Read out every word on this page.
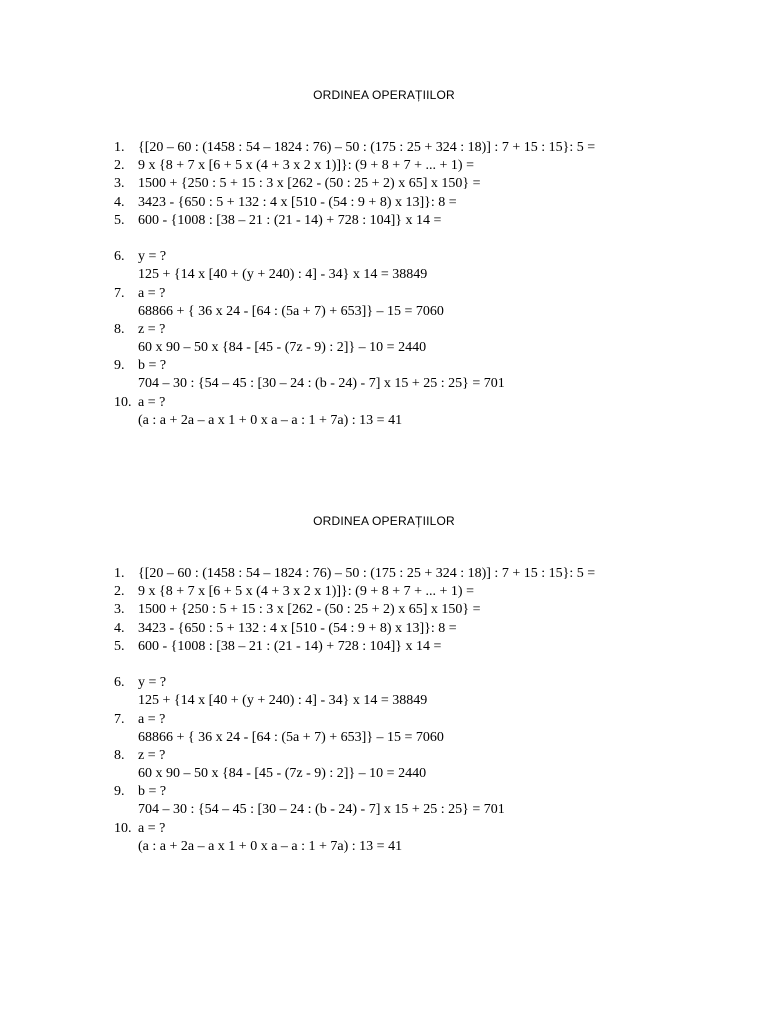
ORDINEA OPERAȚIILOR
1. {[20 – 60 : (1458 : 54 – 1824 : 76) – 50 : (175 : 25 + 324 : 18)] : 7 + 15 : 15}: 5 =
2. 9 x {8 + 7 x [6 + 5 x (4 + 3 x 2 x 1)]}: (9 + 8 + 7 + ... + 1) =
3. 1500 + {250 : 5 + 15 : 3 x [262 - (50 : 25 + 2) x 65] x 150} =
4. 3423 - {650 : 5 + 132 : 4 x [510 - (54 : 9 + 8) x 13]}: 8 =
5. 600 - {1008 : [38 – 21 : (21 - 14) + 728 : 104]} x 14 =
6. y = ?
125 + {14 x [40 + (y + 240) : 4] - 34} x 14 = 38849
7. a = ?
68866 + { 36 x 24 - [64 : (5a + 7) + 653]} – 15 = 7060
8. z = ?
60 x 90 – 50 x {84 - [45 - (7z - 9) : 2]} – 10 = 2440
9. b = ?
704 – 30 : {54 – 45 : [30 – 24 : (b - 24) - 7] x 15 + 25 : 25} = 701
10. a = ?
(a : a + 2a – a x 1 + 0 x a – a : 1 + 7a) : 13 = 41
ORDINEA OPERAȚIILOR
1. {[20 – 60 : (1458 : 54 – 1824 : 76) – 50 : (175 : 25 + 324 : 18)] : 7 + 15 : 15}: 5 =
2. 9 x {8 + 7 x [6 + 5 x (4 + 3 x 2 x 1)]}: (9 + 8 + 7 + ... + 1) =
3. 1500 + {250 : 5 + 15 : 3 x [262 - (50 : 25 + 2) x 65] x 150} =
4. 3423 - {650 : 5 + 132 : 4 x [510 - (54 : 9 + 8) x 13]}: 8 =
5. 600 - {1008 : [38 – 21 : (21 - 14) + 728 : 104]} x 14 =
6. y = ?
125 + {14 x [40 + (y + 240) : 4] - 34} x 14 = 38849
7. a = ?
68866 + { 36 x 24 - [64 : (5a + 7) + 653]} – 15 = 7060
8. z = ?
60 x 90 – 50 x {84 - [45 - (7z - 9) : 2]} – 10 = 2440
9. b = ?
704 – 30 : {54 – 45 : [30 – 24 : (b - 24) - 7] x 15 + 25 : 25} = 701
10. a = ?
(a : a + 2a – a x 1 + 0 x a – a : 1 + 7a) : 13 = 41
